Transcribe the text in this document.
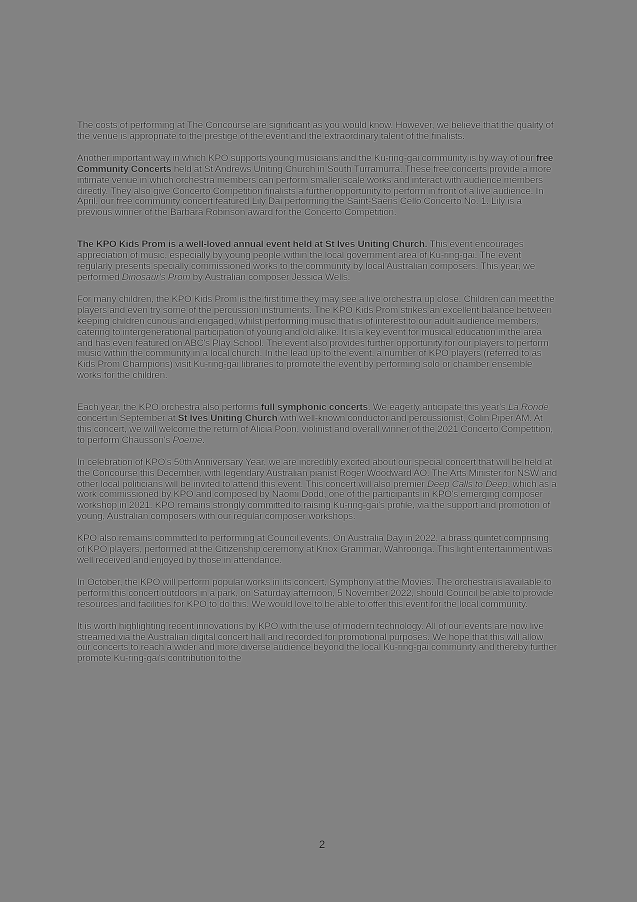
The costs of performing at The Concourse are significant as you would know. However, we believe that the quality of the venue is appropriate to the prestige of the event and the extraordinary talent of the finalists.

Another important way in which KPO supports young musicians and the Ku-ring-gai community is by way of our free Community Concerts held at St Andrews Uniting Church in South Turramurra. These free concerts provide a more intimate venue in which orchestra members can perform smaller scale works and interact with audience members directly. They also give Concerto Competition finalists a further opportunity to perform in front of a live audience. In April, our free community concert featured Lily Dai performing the Saint-Saëns Cello Concerto No. 1. Lily is a previous winner of the Barbara Robinson award for the Concerto Competition.

The KPO Kids Prom is a well-loved annual event held at St Ives Uniting Church. This event encourages appreciation of music, especially by young people within the local government area of Ku-ring-gai. The event regularly presents specially commissioned works to the community by local Australian composers. This year, we performed Dinosaur's Prom by Australian composer Jessica Wells.

For many children, the KPO Kids Prom is the first time they may see a live orchestra up close. Children can meet the players and even try some of the percussion instruments. The KPO Kids Prom strikes an excellent balance between keeping children curious and engaged, whilst performing music that is of interest to our adult audience members, catering to intergenerational participation of young and old alike. It is a key event for musical education in the area and has even featured on ABC's Play School. The event also provides further opportunity for our players to perform music within the community in a local church. In the lead up to the event, a number of KPO players (referred to as Kids Prom Champions) visit Ku-ring-gai libraries to promote the event by performing solo or chamber ensemble works for the children.

Each year, the KPO orchestra also performs full symphonic concerts. We eagerly anticipate this year's La Ronde concert in September at St Ives Uniting Church with well-known conductor and percussionist, Colin Piper AM. At this concert, we will welcome the return of Alicia Poon, violinist and overall winner of the 2021 Concerto Competition, to perform Chausson's Poème.

In celebration of KPO's 50th Anniversary Year, we are incredibly excited about our special concert that will be held at the Concourse this December, with legendary Australian pianist Roger Woodward AO. The Arts Minister for NSW and other local politicians will be invited to attend this event. This concert will also premier Deep Calls to Deep, which as a work commissioned by KPO and composed by Naomi Dodd, one of the participants in KPO's emerging composer workshop in 2021. KPO remains strongly committed to raising Ku-ring-gai's profile, via the support and promotion of young, Australian composers with our regular composer workshops.

KPO also remains committed to performing at Council events. On Australia Day in 2022, a brass quintet comprising of KPO players, performed at the Citizenship ceremony at Knox Grammar, Wahroonga. This light entertainment was well received and enjoyed by those in attendance.

In October, the KPO will perform popular works in its concert, Symphony at the Movies. The orchestra is available to perform this concert outdoors in a park, on Saturday afternoon, 5 November 2022, should Council be able to provide resources and facilities for KPO to do this. We would love to be able to offer this event for the local community.

It is worth highlighting recent innovations by KPO with the use of modern technology. All of our events are now live streamed via the Australian digital concert hall and recorded for promotional purposes. We hope that this will allow our concerts to reach a wider and more diverse audience beyond the local Ku-ring-gai community and thereby further promote Ku-ring-gai's contribution to the

2
